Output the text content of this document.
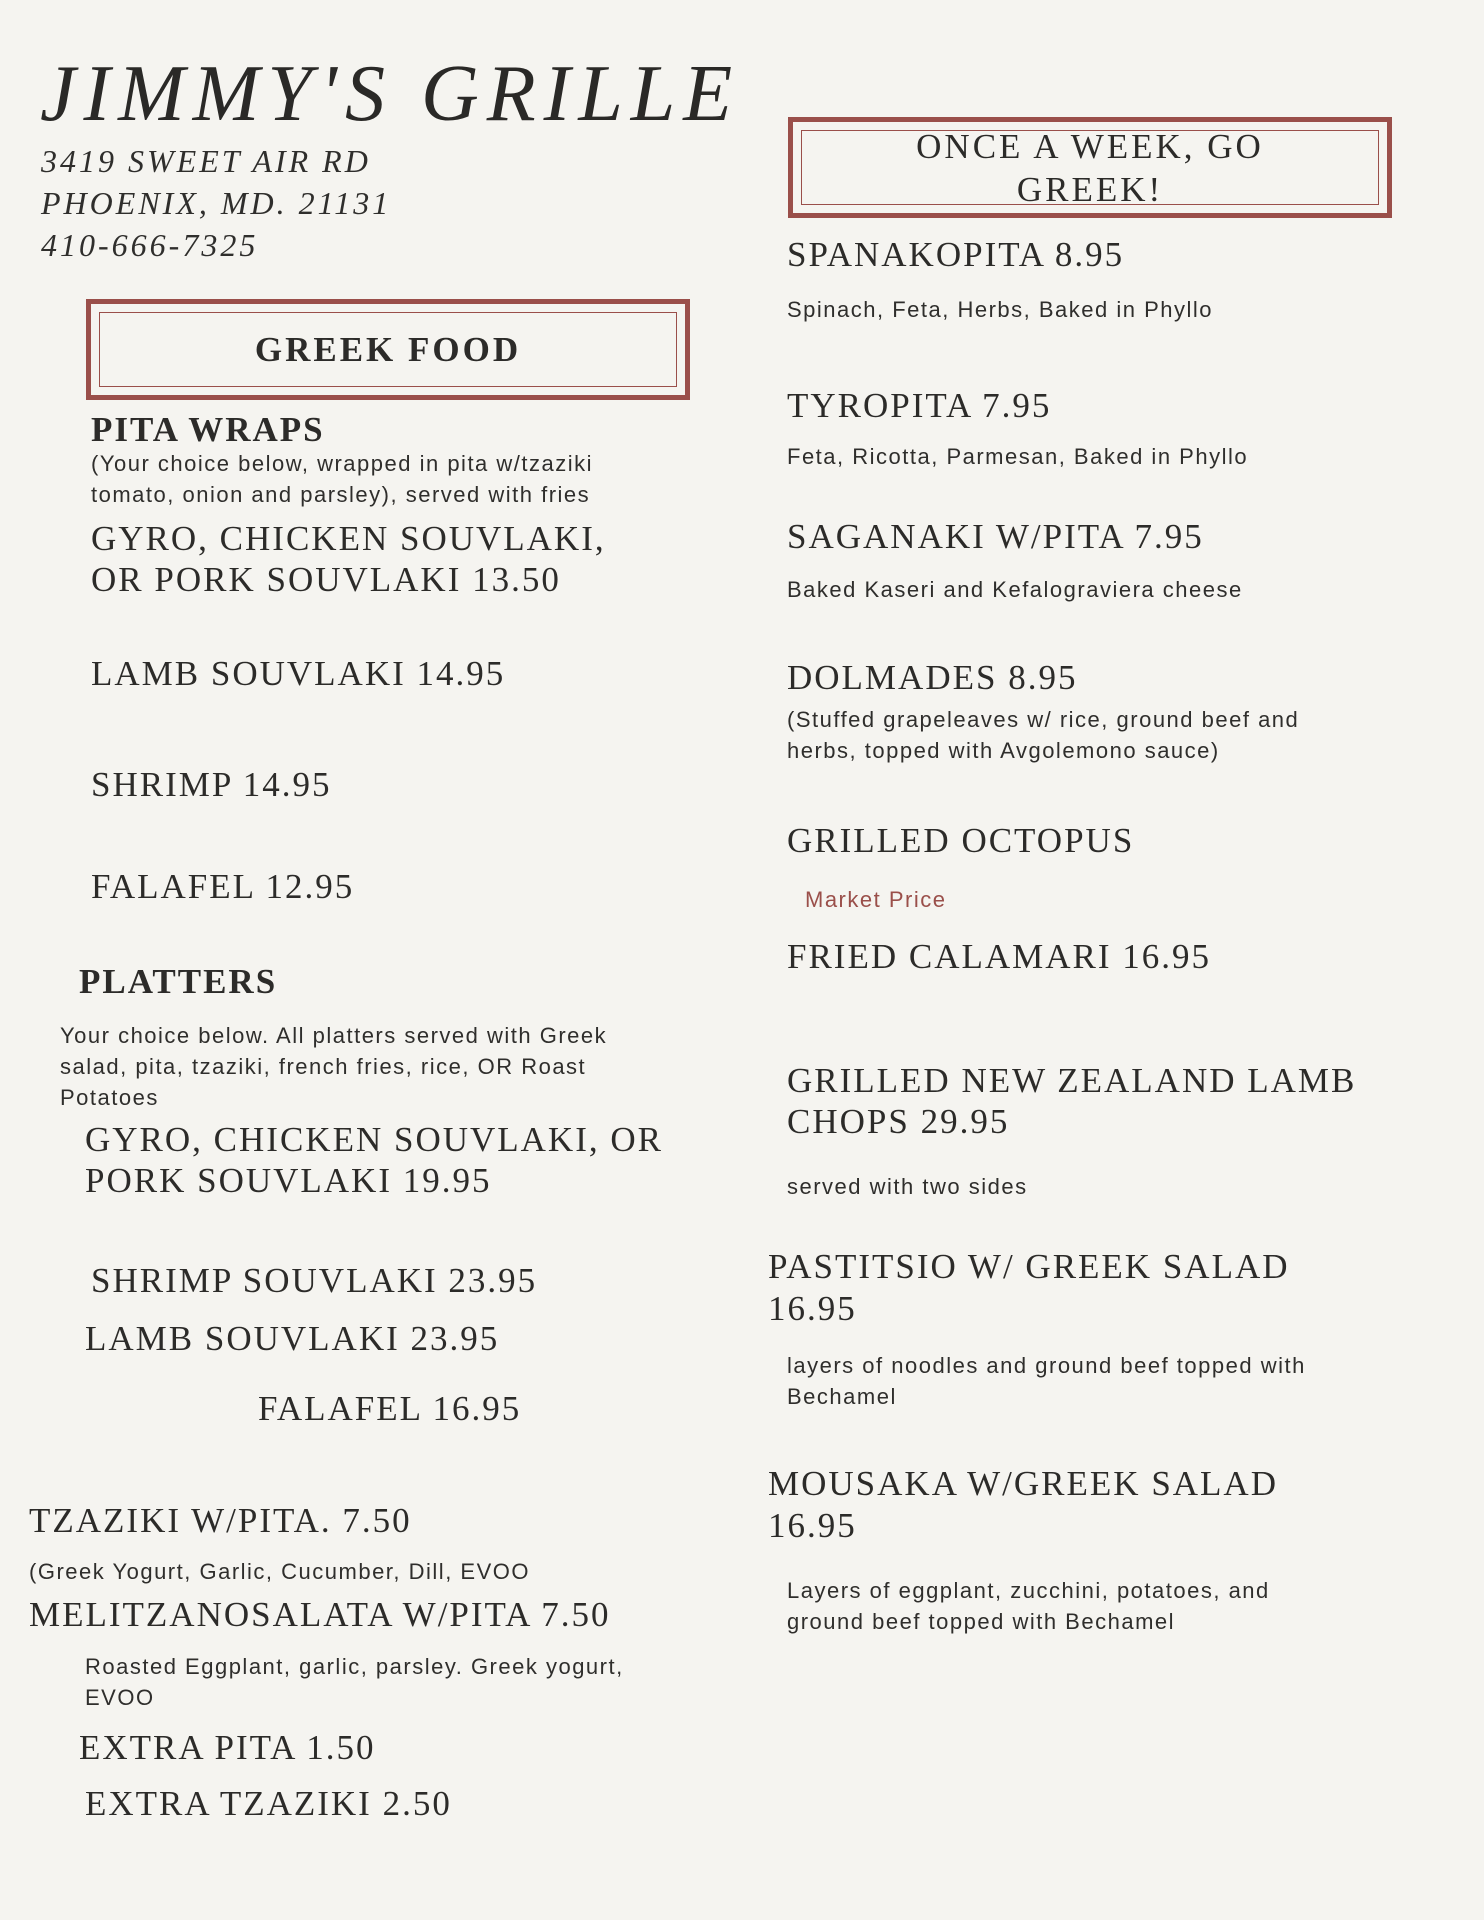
JIMMY'S GRILLE
3419 SWEET AIR RD
PHOENIX, MD. 21131
410-666-7325
GREEK FOOD
PITA WRAPS
(Your choice below, wrapped in pita w/tzaziki
tomato, onion and parsley), served with fries
GYRO, CHICKEN SOUVLAKI,
OR PORK SOUVLAKI 13.50
LAMB SOUVLAKI 14.95
SHRIMP 14.95
FALAFEL 12.95
PLATTERS
Your choice below. All platters served with Greek
salad, pita, tzaziki, french fries, rice, OR Roast
Potatoes
GYRO, CHICKEN SOUVLAKI, OR
PORK SOUVLAKI 19.95
SHRIMP SOUVLAKI 23.95
LAMB SOUVLAKI 23.95
FALAFEL 16.95
TZAZIKI W/PITA. 7.50
(Greek Yogurt, Garlic, Cucumber, Dill, EVOO
MELITZANOSALATA W/PITA 7.50
Roasted Eggplant, garlic, parsley. Greek yogurt,
EVOO
EXTRA PITA 1.50
EXTRA TZAZIKI 2.50
ONCE A WEEK, GO
GREEK!
SPANAKOPITA 8.95
Spinach, Feta, Herbs, Baked in Phyllo
TYROPITA 7.95
Feta, Ricotta, Parmesan, Baked in Phyllo
SAGANAKI W/PITA 7.95
Baked Kaseri and Kefalograviera cheese
DOLMADES 8.95
(Stuffed grapeleaves w/ rice, ground beef and
herbs, topped with Avgolemono sauce)
GRILLED OCTOPUS
Market Price
FRIED CALAMARI 16.95
GRILLED NEW ZEALAND LAMB
CHOPS 29.95
served with two sides
PASTITSIO W/ GREEK SALAD
16.95
layers of noodles and ground beef topped with
Bechamel
MOUSAKA W/GREEK SALAD
16.95
Layers of eggplant, zucchini, potatoes, and
ground beef topped with Bechamel
